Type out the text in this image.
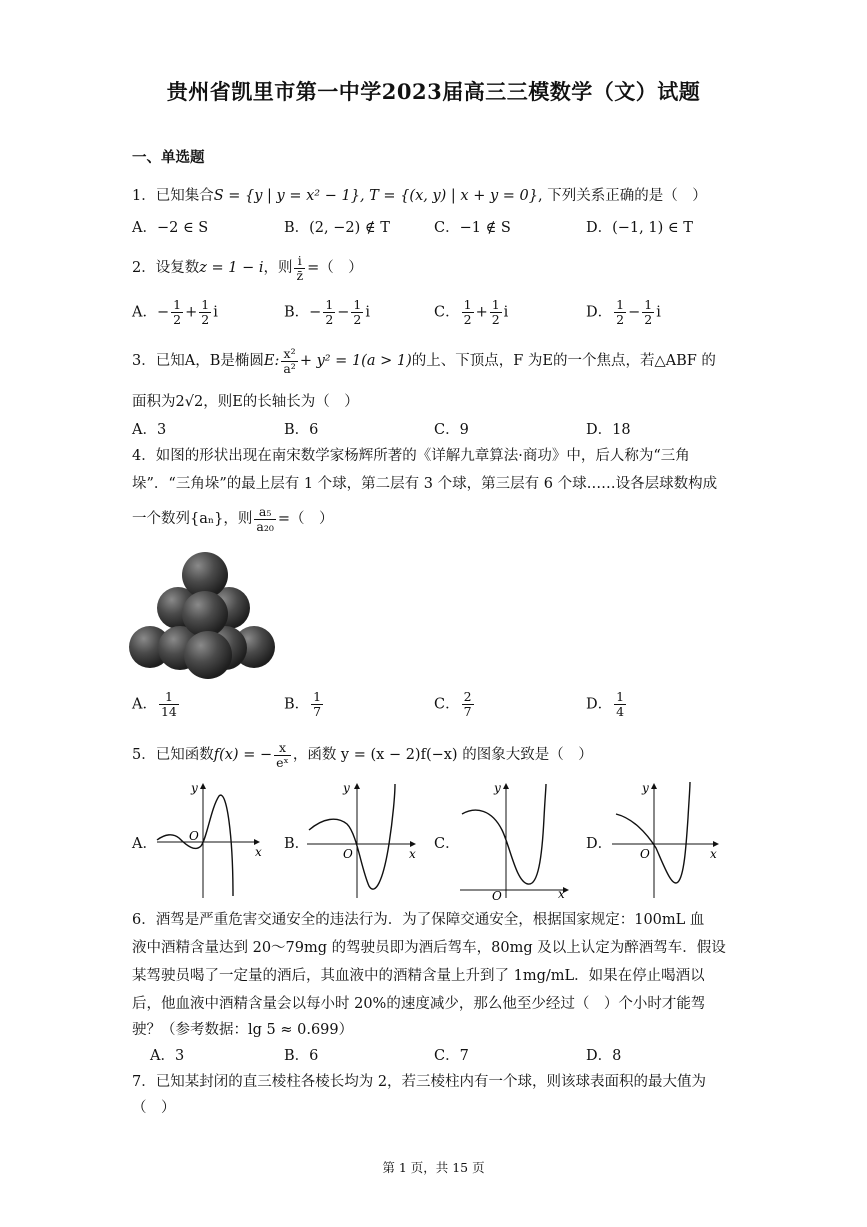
贵州省凯里市第一中学2023届高三三模数学（文）试题
一、单选题
1．已知集合S = {y | y = x² − 1}, T = {(x, y) | x + y = 0}, 下列关系正确的是（　）
A．−2 ∈ S	B．(2, −2) ∉ T	C．−1 ∉ S	D．(−1, 1) ∈ T
2．设复数z = 1 − i，则 $\frac{i}{z̄}$ =（　）
A．− $\frac{1}{2} + \frac{1}{2}$ i	B．− $\frac{1}{2} - \frac{1}{2}$ i	C． $\frac{1}{2} + \frac{1}{2}$ i	D． $\frac{1}{2} - \frac{1}{2}$ i
3．已知A，B是椭圆E: $\frac{\text{x²}}{\text{a²}} + y^2 = 1(a > 1)$的上、下顶点，F 为E的一个焦点，若△ABF 的
面积为2√2，则E的长轴长为（　）
A．3	B．6	C．9	D．18
4．如图的形状出现在南宋数学家杨辉所著的《详解九章算法·商功》中，后人称为“三角
垛”．“三角垛”的最上层有 1 个球，第二层有 3 个球，第三层有 6 个球……设各层球数构成
一个数列{aₙ}，则 $\frac{\text{a₅}}{\text{a₂₀}}$ =（　）
A． $\frac{1}{14}$	B． $\frac{1}{7}$	C． $\frac{2}{7}$	D． $\frac{1}{4}$
5．已知函数f(x) = − $\frac{x}{\text{eˣ}}$ ，函数 y = (x − 2)f(−x) 的图象大致是（　）
A．
y
x
O	B．
y
x
O
C．
y
x
O
D．
y
x
O
6．酒驾是严重危害交通安全的违法行为．为了保障交通安全，根据国家规定：100mL 血
液中酒精含量达到 20～79mg 的驾驶员即为酒后驾车，80mg 及以上认定为醉酒驾车．假设
某驾驶员喝了一定量的酒后，其血液中的酒精含量上升到了 1mg/mL．如果在停止喝酒以
后，他血液中酒精含量会以每小时 20%的速度减少，那么他至少经过（　）个小时才能驾
驶？（参考数据：lg 5 ≈ 0.699）
A．3	B．6	C．7	D．8
7．已知某封闭的直三棱柱各棱长均为 2，若三棱柱内有一个球，则该球表面积的最大值为
（　）
第 1 页，共 15 页
